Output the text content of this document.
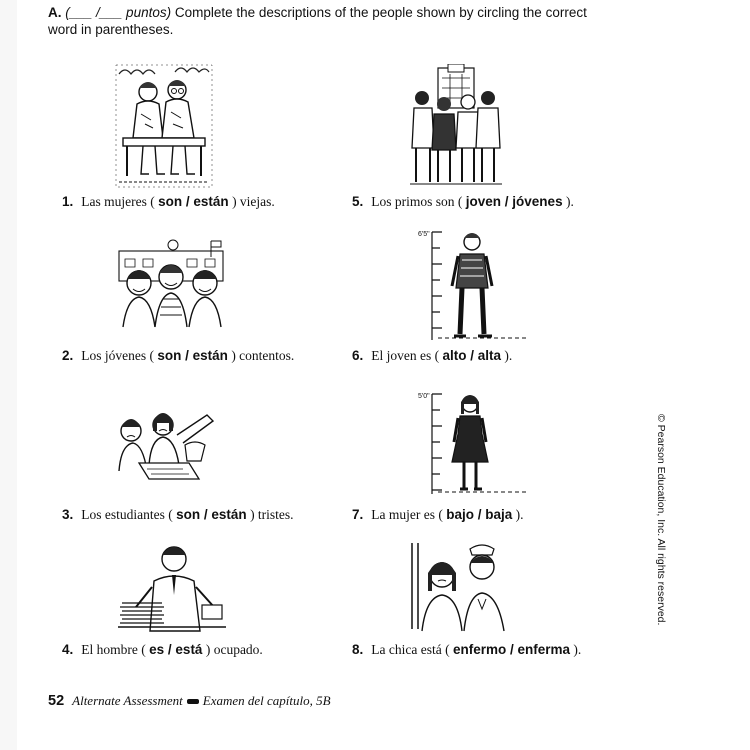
A. (___ /___ puntos) Complete the descriptions of the people shown by circling the correct word in parentheses.
6'5"
5'0"
1. Las mujeres ( son / están ) viejas.
2. Los jóvenes ( son / están ) contentos.
3. Los estudiantes ( son / están ) tristes.
4. El hombre ( es / está ) ocupado.
5. Los primos son ( joven / jóvenes ).
6. El joven es ( alto / alta ).
7. La mujer es ( bajo / baja ).
8. La chica está ( enfermo / enferma ).
52 Alternate Assessment Examen del capítulo, 5B
© Pearson Education, Inc. All rights reserved.
